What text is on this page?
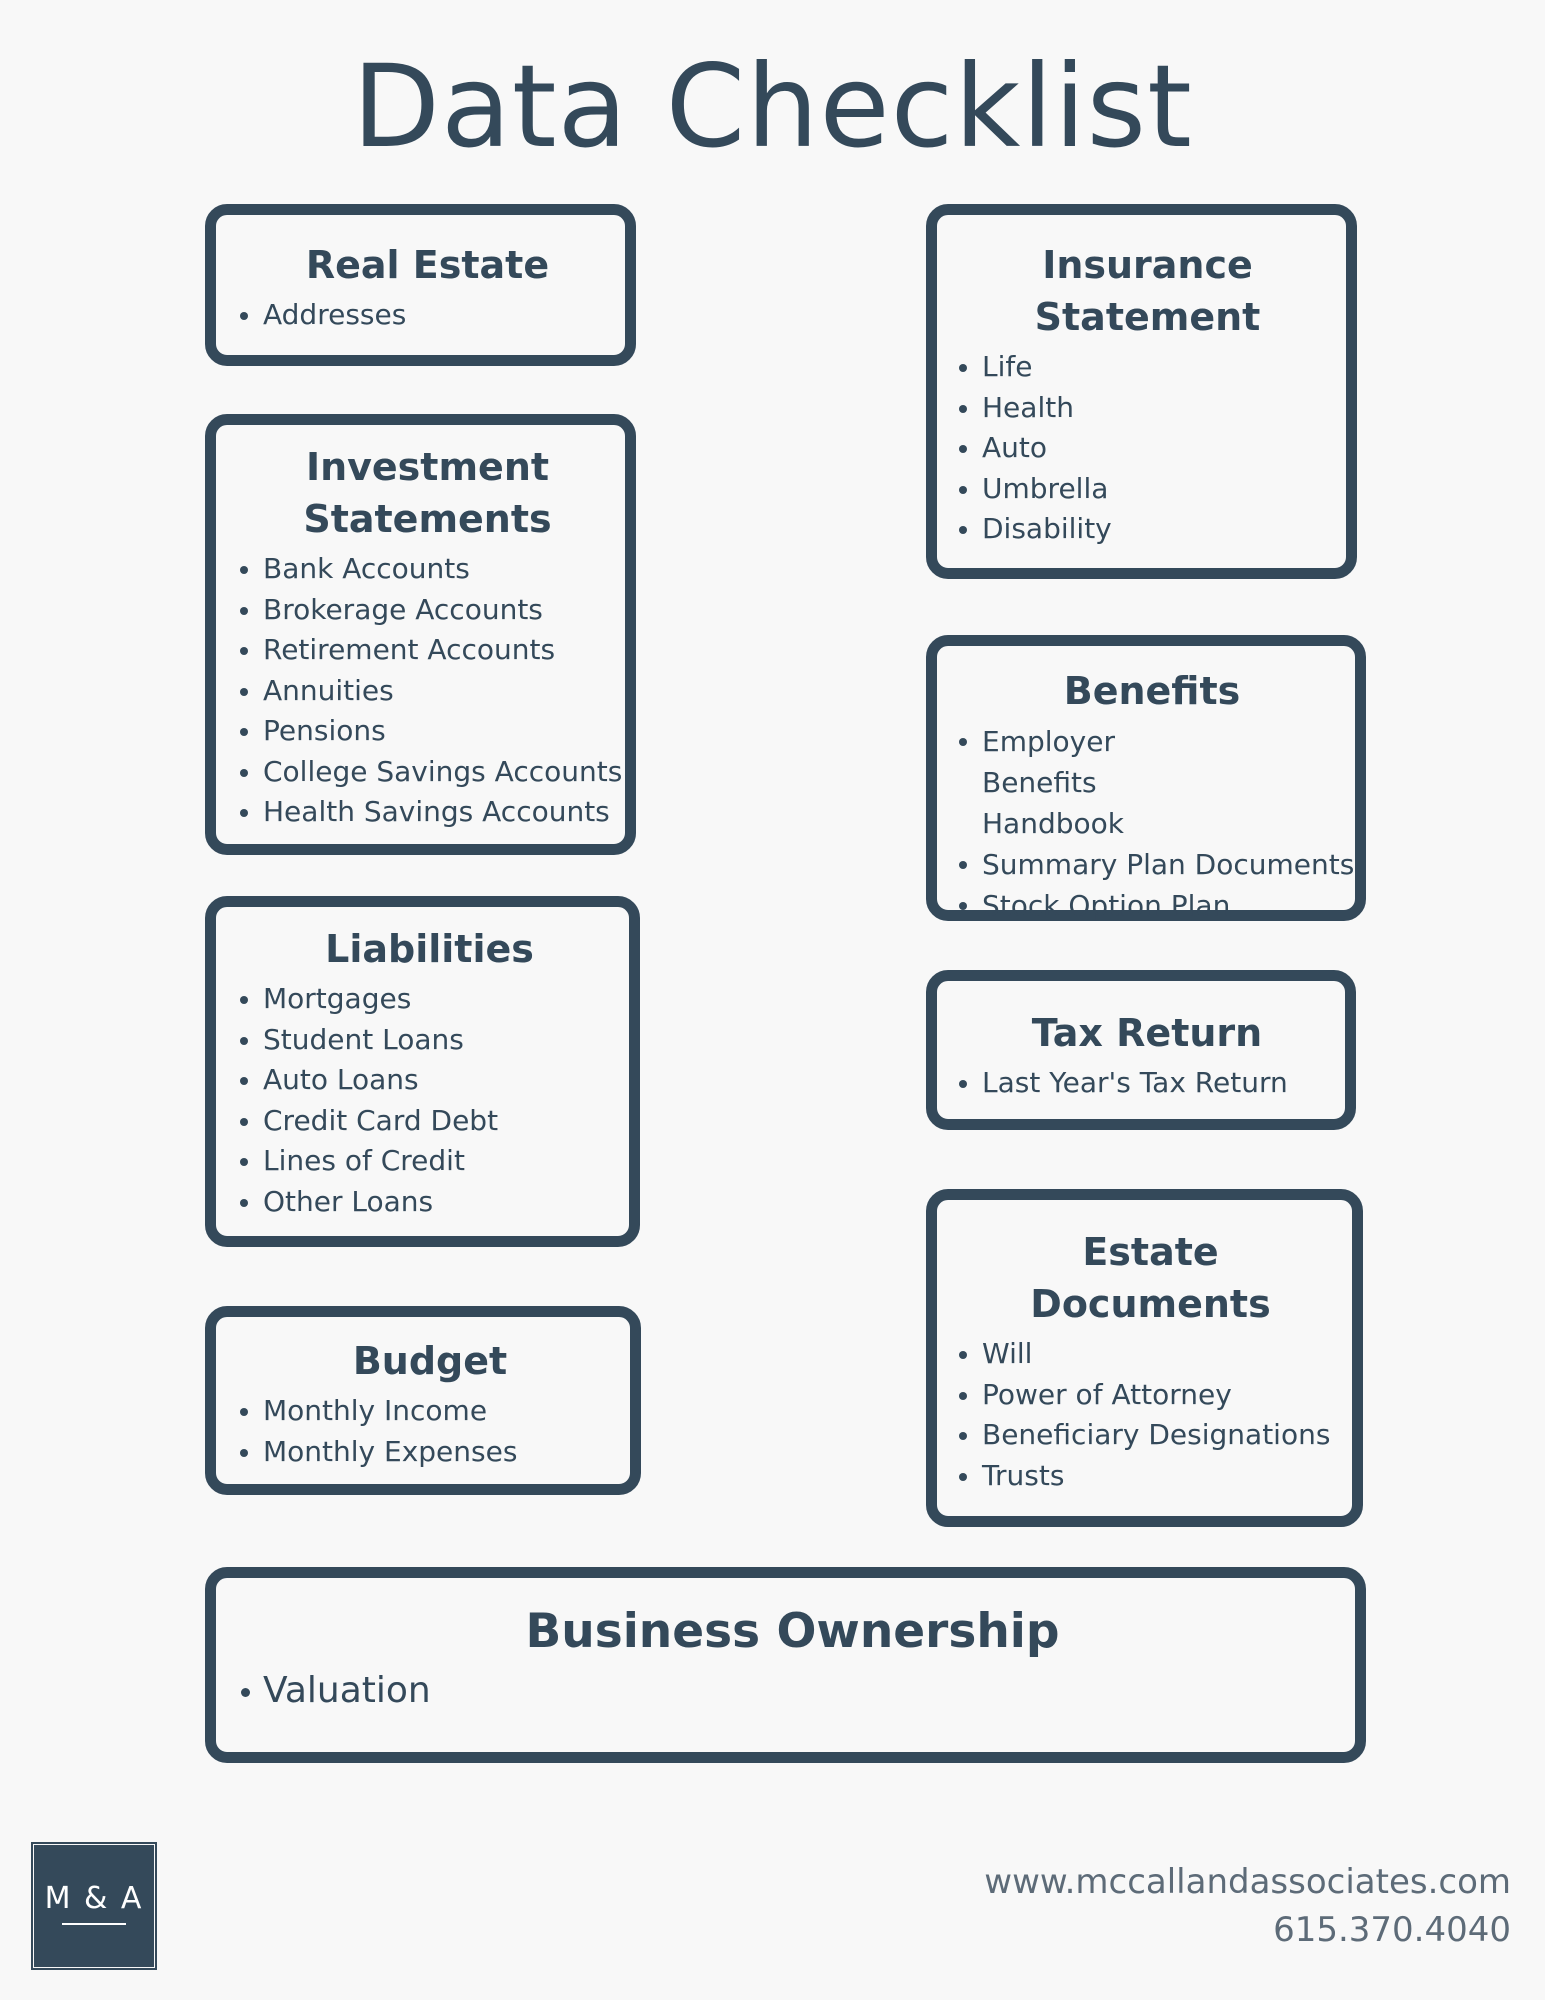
Data Checklist
Real Estate
Addresses
Investment Statements
Bank Accounts
Brokerage Accounts
Retirement Accounts
Annuities
Pensions
College Savings Accounts
Health Savings Accounts
Liabilities
Mortgages
Student Loans
Auto Loans
Credit Card Debt
Lines of Credit
Other Loans
Budget
Monthly Income
Monthly Expenses
Insurance Statement
Life
Health
Auto
Umbrella
Disability
Benefits
Employer Benefits Handbook
Summary Plan Documents
Stock Option Plan
Tax Return
Last Year's Tax Return
Estate Documents
Will
Power of Attorney
Beneficiary Designations
Trusts
Business Ownership
Valuation
M & A	www.mccallandassociates.com
615.370.4040
